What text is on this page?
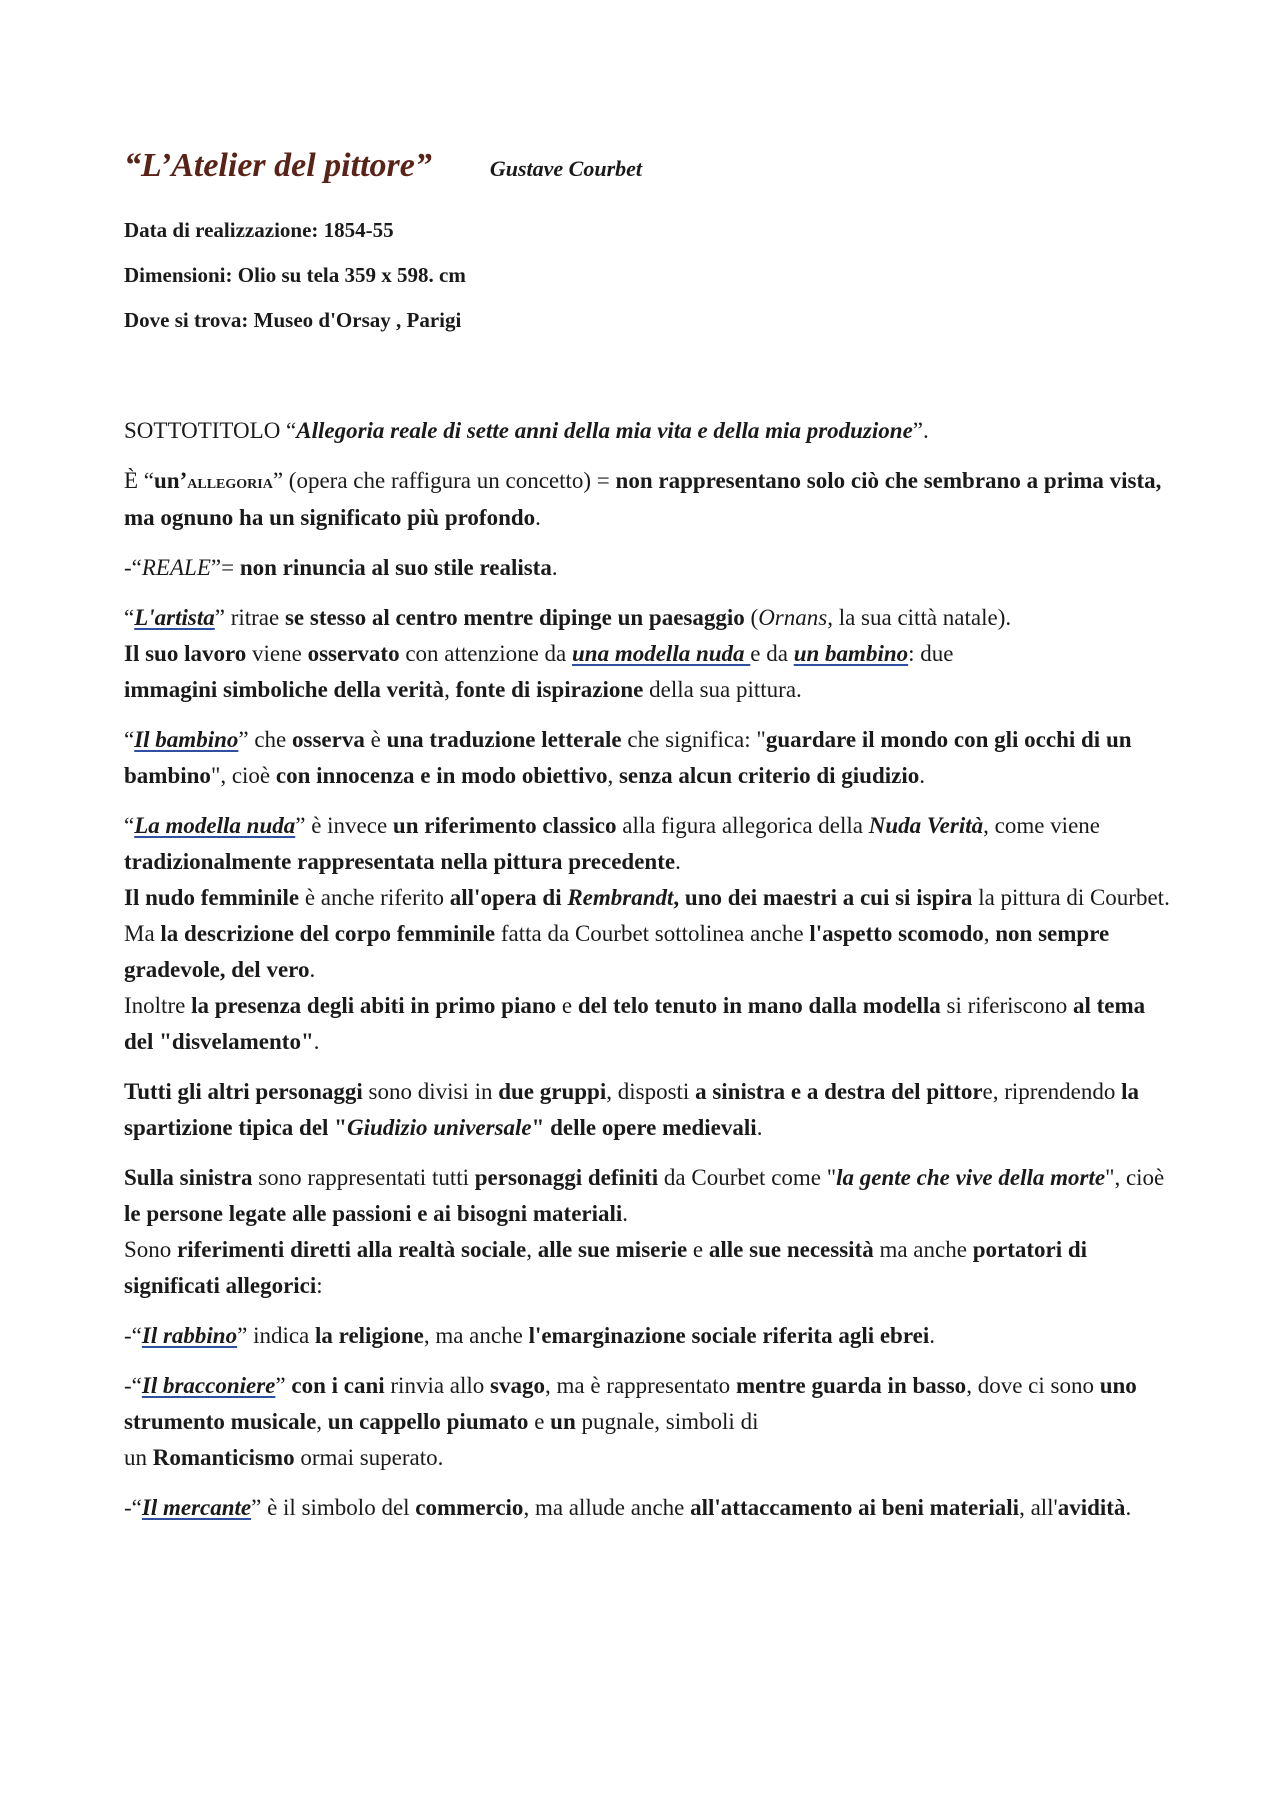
“L’Atelier del pittore”	Gustave Courbet
Data di realizzazione: 1854-55
Dimensioni: Olio su tela 359 x 598. cm
Dove si trova: Museo d'Orsay , Parigi

SOTTOTITOLO “Allegoria reale di sette anni della mia vita e della mia produzione”.

È “un’allegoria” (opera che raffigura un concetto) = non rappresentano solo ciò che sembrano a prima vista, ma ognuno ha un significato più profondo.

-“REALE”= non rinuncia al suo stile realista.

“L'artista” ritrae se stesso al centro mentre dipinge un paesaggio (Ornans, la sua città natale).
Il suo lavoro viene osservato con attenzione da una modella nuda e da un bambino: due
immagini simboliche della verità, fonte di ispirazione della sua pittura.

“Il bambino” che osserva è una traduzione letterale che significa: "guardare il mondo con gli occhi di un bambino", cioè con innocenza e in modo obiettivo, senza alcun criterio di giudizio.

“La modella nuda” è invece un riferimento classico alla figura allegorica della Nuda Verità, come viene tradizionalmente rappresentata nella pittura precedente.
Il nudo femminile è anche riferito all'opera di Rembrandt, uno dei maestri a cui si ispira la pittura di Courbet.
Ma la descrizione del corpo femminile fatta da Courbet sottolinea anche l'aspetto scomodo, non sempre gradevole, del vero.
Inoltre la presenza degli abiti in primo piano e del telo tenuto in mano dalla modella si riferiscono al tema del "disvelamento".

Tutti gli altri personaggi sono divisi in due gruppi, disposti a sinistra e a destra del pittore, riprendendo la spartizione tipica del "Giudizio universale" delle opere medievali.

Sulla sinistra sono rappresentati tutti personaggi definiti da Courbet come "la gente che vive della morte", cioè le persone legate alle passioni e ai bisogni materiali.
Sono riferimenti diretti alla realtà sociale, alle sue miserie e alle sue necessità ma anche portatori di significati allegorici:

-“Il rabbino” indica la religione, ma anche l'emarginazione sociale riferita agli ebrei.

-“Il bracconiere” con i cani rinvia allo svago, ma è rappresentato mentre guarda in basso, dove ci sono uno strumento musicale, un cappello piumato e un pugnale, simboli di
un Romanticismo ormai superato.

-“Il mercante” è il simbolo del commercio, ma allude anche all'attaccamento ai beni materiali, all'avidità.
